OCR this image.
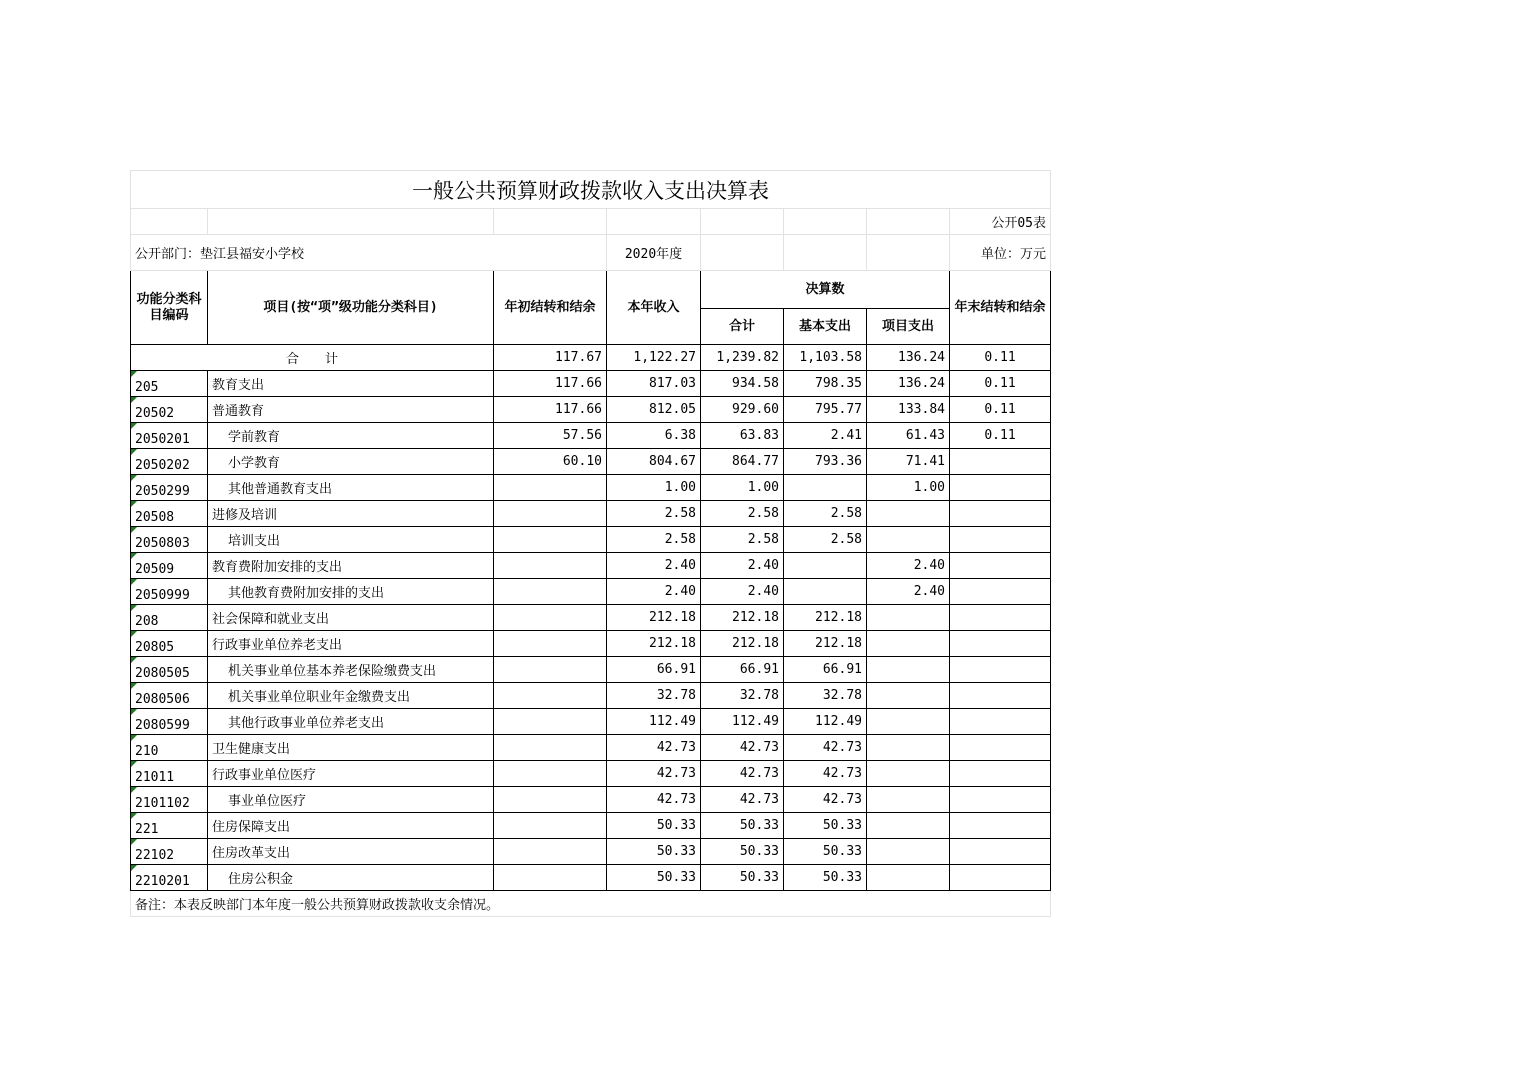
一般公共预算财政拨款收入支出决算表							
							公开05表
公开部门：垫江县福安小学校			2020年度				单位：万元
功能分类科目编码	项目(按“项”级功能分类科目)	年初结转和结余	本年收入	决算数			年末结转和结余
				合计	基本支出	项目支出	
合　　计		117.67	1,122.27	1,239.82	1,103.58	136.24	0.11
205	教育支出	117.66	817.03	934.58	798.35	136.24	0.11
20502	普通教育	117.66	812.05	929.60	795.77	133.84	0.11
2050201	学前教育	57.56	6.38	63.83	2.41	61.43	0.11
2050202	小学教育	60.10	804.67	864.77	793.36	71.41	
2050299	其他普通教育支出		1.00	1.00		1.00	
20508	进修及培训		2.58	2.58	2.58		
2050803	培训支出		2.58	2.58	2.58		
20509	教育费附加安排的支出		2.40	2.40		2.40	
2050999	其他教育费附加安排的支出		2.40	2.40		2.40	
208	社会保障和就业支出		212.18	212.18	212.18		
20805	行政事业单位养老支出		212.18	212.18	212.18		
2080505	机关事业单位基本养老保险缴费支出		66.91	66.91	66.91		
2080506	机关事业单位职业年金缴费支出		32.78	32.78	32.78		
2080599	其他行政事业单位养老支出		112.49	112.49	112.49		
210	卫生健康支出		42.73	42.73	42.73		
21011	行政事业单位医疗		42.73	42.73	42.73		
2101102	事业单位医疗		42.73	42.73	42.73		
221	住房保障支出		50.33	50.33	50.33		
22102	住房改革支出		50.33	50.33	50.33		
2210201	住房公积金		50.33	50.33	50.33		
备注：本表反映部门本年度一般公共预算财政拨款收支余情况。							
